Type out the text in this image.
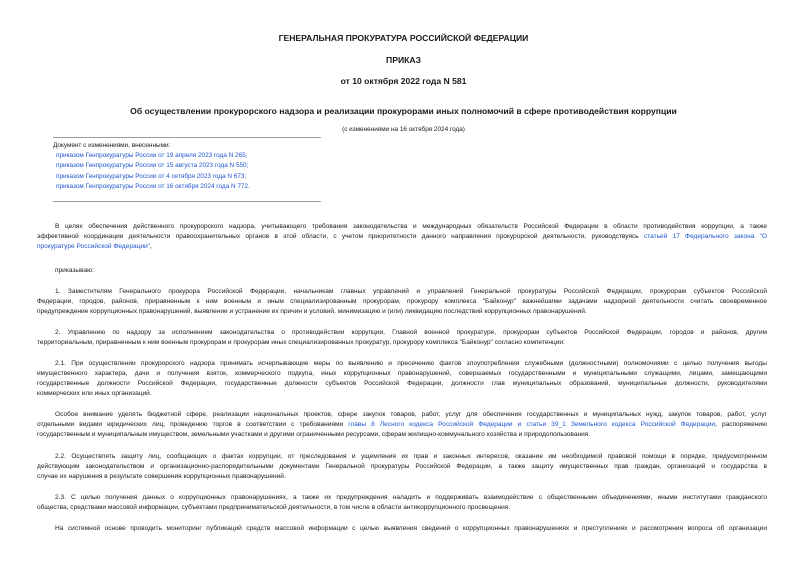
ГЕНЕРАЛЬНАЯ ПРОКУРАТУРА РОССИЙСКОЙ ФЕДЕРАЦИИ
ПРИКАЗ
от 10 октября 2022 года N 581
Об осуществлении прокурорского надзора и реализации прокурорами иных полномочий в сфере противодействия коррупции
(с изменениями на 16 октября 2024 года)
Документ с изменениями, внесенными:
приказом Генпрокуратуры России от 19 апреля 2023 года N 265;
приказом Генпрокуратуры России от 15 августа 2023 года N 550;
приказом Генпрокуратуры России от 4 октября 2023 года N 673;
приказом Генпрокуратуры России от 16 октября 2024 года N 772.
В целях обеспечения действенного прокурорского надзора, учитывающего требования законодательства и международных обязательств Российской Федерации в области противодействия коррупции, а также
эффективной координации деятельности правоохранительных органов в этой области, с учетом приоритетности данного направления прокурорской деятельности, руководствуясь статьей 17 Федерального закона "О
прокуратуре Российской Федерации",
приказываю:
1. Заместителям Генерального прокурора Российской Федерации, начальникам главных управлений и управлений Генеральной прокуратуры Российской Федерации, прокурорам субъектов Российской
Федерации, городов, районов, приравненным к ним военным и иным специализированным прокурорам, прокурору комплекса "Байконур" важнейшими задачами надзорной деятельности считать своевременное
предупреждение коррупционных правонарушений, выявление и устранение их причин и условий, минимизацию и (или) ликвидацию последствий коррупционных правонарушений.
2. Управлению по надзору за исполнением законодательства о противодействии коррупции, Главной военной прокуратуре, прокурорам субъектов Российской Федерации, городов и районов, другим
территориальным, приравненным к ним военным прокурорам и прокурорам иных специализированных прокуратур, прокурору комплекса "Байконур" согласно компетенции:
2.1. При осуществлении прокурорского надзора принимать исчерпывающие меры по выявлению и пресечению фактов злоупотребления служебными (должностными) полномочиями с целью получения выгоды
имущественного характера, дачи и получения взяток, коммерческого подкупа, иных коррупционных правонарушений, совершаемых государственными и муниципальными служащими, лицами, замещающими
государственные должности Российской Федерации, государственные должности субъектов Российской Федерации, должности глав муниципальных образований, муниципальные должности, руководителями
коммерческих или иных организаций.
Особое внимание уделять бюджетной сфере, реализации национальных проектов, сфере закупок товаров, работ, услуг для обеспечения государственных и муниципальных нужд, закупок товаров, работ, услуг
отдельными видами юридических лиц, проведению торгов в соответствии с требованиями главы 8 Лесного кодекса Российской Федерации и статьи 39_1 Земельного кодекса Российской Федерации, распоряжению
государственным и муниципальным имуществом, земельными участками и другими ограниченными ресурсами, сферам жилищно-коммунального хозяйства и природопользования.
2.2. Осуществлять защиту лиц, сообщающих о фактах коррупции, от преследования и ущемления их прав и законных интересов, оказание им необходимой правовой помощи в порядке, предусмотренном
действующим законодательством и организационно-распорядительными документами Генеральной прокуратуры Российской Федерации, а также защиту имущественных прав граждан, организаций и государства в
случае их нарушения в результате совершения коррупционных правонарушений.
2.3. С целью получения данных о коррупционных правонарушениях, а также их предупреждения наладить и поддерживать взаимодействие с общественными объединениями, иными институтами гражданского
общества, средствами массовой информации, субъектами предпринимательской деятельности, в том числе в области антикоррупционного просвещения.
На системной основе проводить мониторинг публикаций средств массовой информации с целью выявления сведений о коррупционных правонарушениях и преступлениях и рассмотрения вопроса об организации
